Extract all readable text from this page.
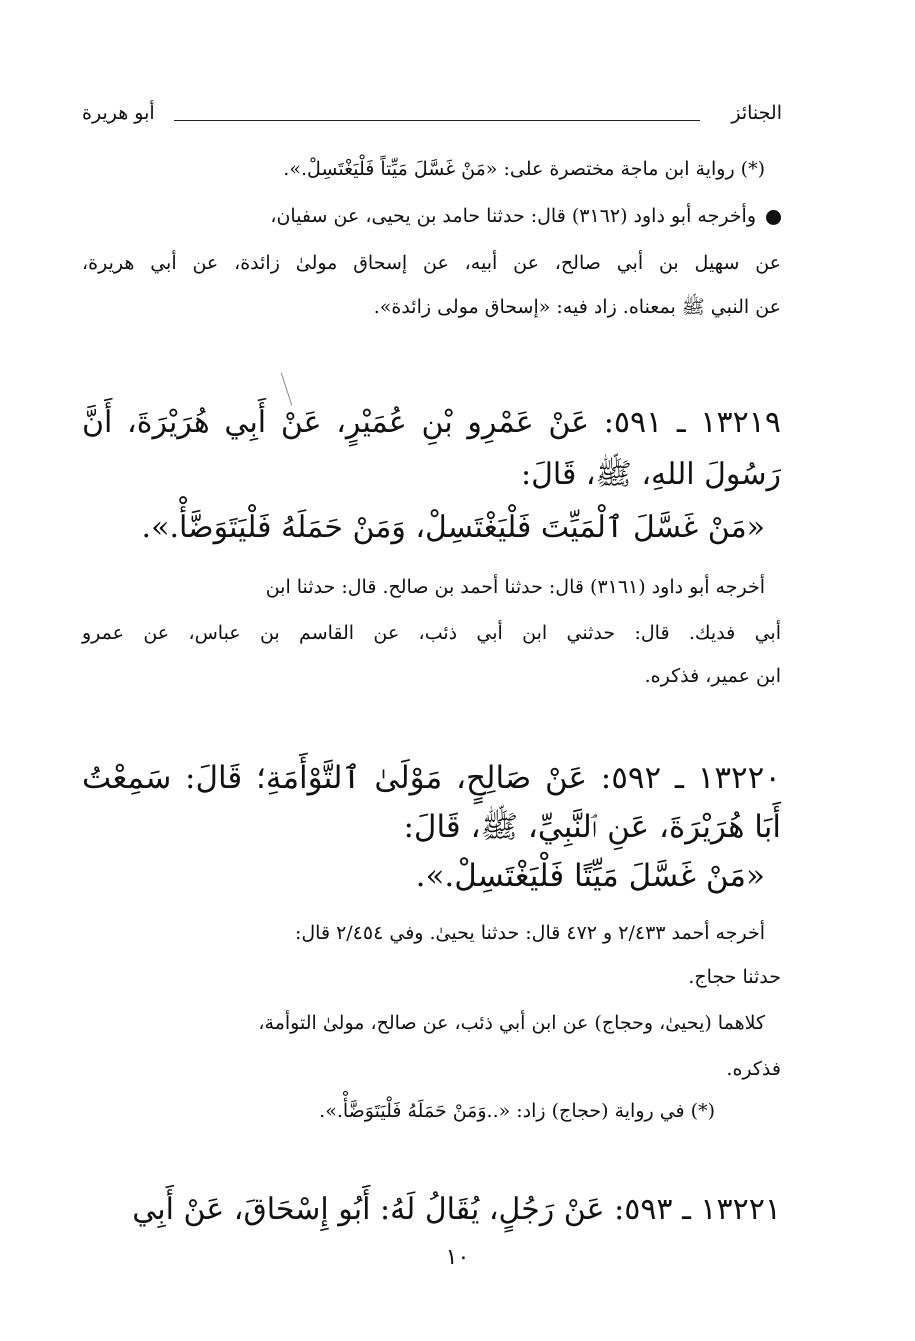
الجنائز
أبو هريرة
(*) رواية ابن ماجة مختصرة على: «مَنْ غَسَّلَ مَيِّتاً فَلْيَغْتَسِلْ.».
وأخرجه أبو داود (٣١٦٢) قال: حدثنا حامد بن يحيى، عن سفيان،
عن سهيل بن أبي صالح، عن أبيه، عن إسحاق مولىٰ زائدة، عن أبي هريرة،
عن النبي ﷺ بمعناه. زاد فيه: «إسحاق مولى زائدة».
١٣٢١٩ ـ ٥٩١: عَنْ عَمْرِو بْنِ عُمَيْرٍ، عَنْ أَبِي هُرَيْرَةَ، أَنَّ
رَسُولَ اللهِ، ﷺ، قَالَ:
«مَنْ غَسَّلَ ٱلْمَيِّتَ فَلْيَغْتَسِلْ، وَمَنْ حَمَلَهُ فَلْيَتَوَضَّأْ.».
أخرجه أبو داود (٣١٦١) قال: حدثنا أحمد بن صالح. قال: حدثنا ابن
أبي فديك. قال: حدثني ابن أبي ذئب، عن القاسم بن عباس، عن عمرو
ابن عمير، فذكره.
١٣٢٢٠ ـ ٥٩٢: عَنْ صَالِحٍ، مَوْلَىٰ ٱلتَّوْأَمَةِ؛ قَالَ: سَمِعْتُ
أَبَا هُرَيْرَةَ، عَنِ ٱلنَّبِيِّ، ﷺ، قَالَ:
«مَنْ غَسَّلَ مَيِّتًا فَلْيَغْتَسِلْ.».
أخرجه أحمد ٢/٤٣٣ و ٤٧٢ قال: حدثنا يحيىٰ. وفي ٢/٤٥٤ قال:
حدثنا حجاج.
كلاهما (يحيىٰ، وحجاج) عن ابن أبي ذئب، عن صالح، مولىٰ التوأمة،
فذكره.
(*) في رواية (حجاج) زاد: «..وَمَنْ حَمَلَهُ فَلْيَتَوَضَّأْ.».
١٣٢٢١ ـ ٥٩٣: عَنْ رَجُلٍ، يُقَالُ لَهُ: أَبُو إِسْحَاقَ، عَنْ أَبِي
١٠
